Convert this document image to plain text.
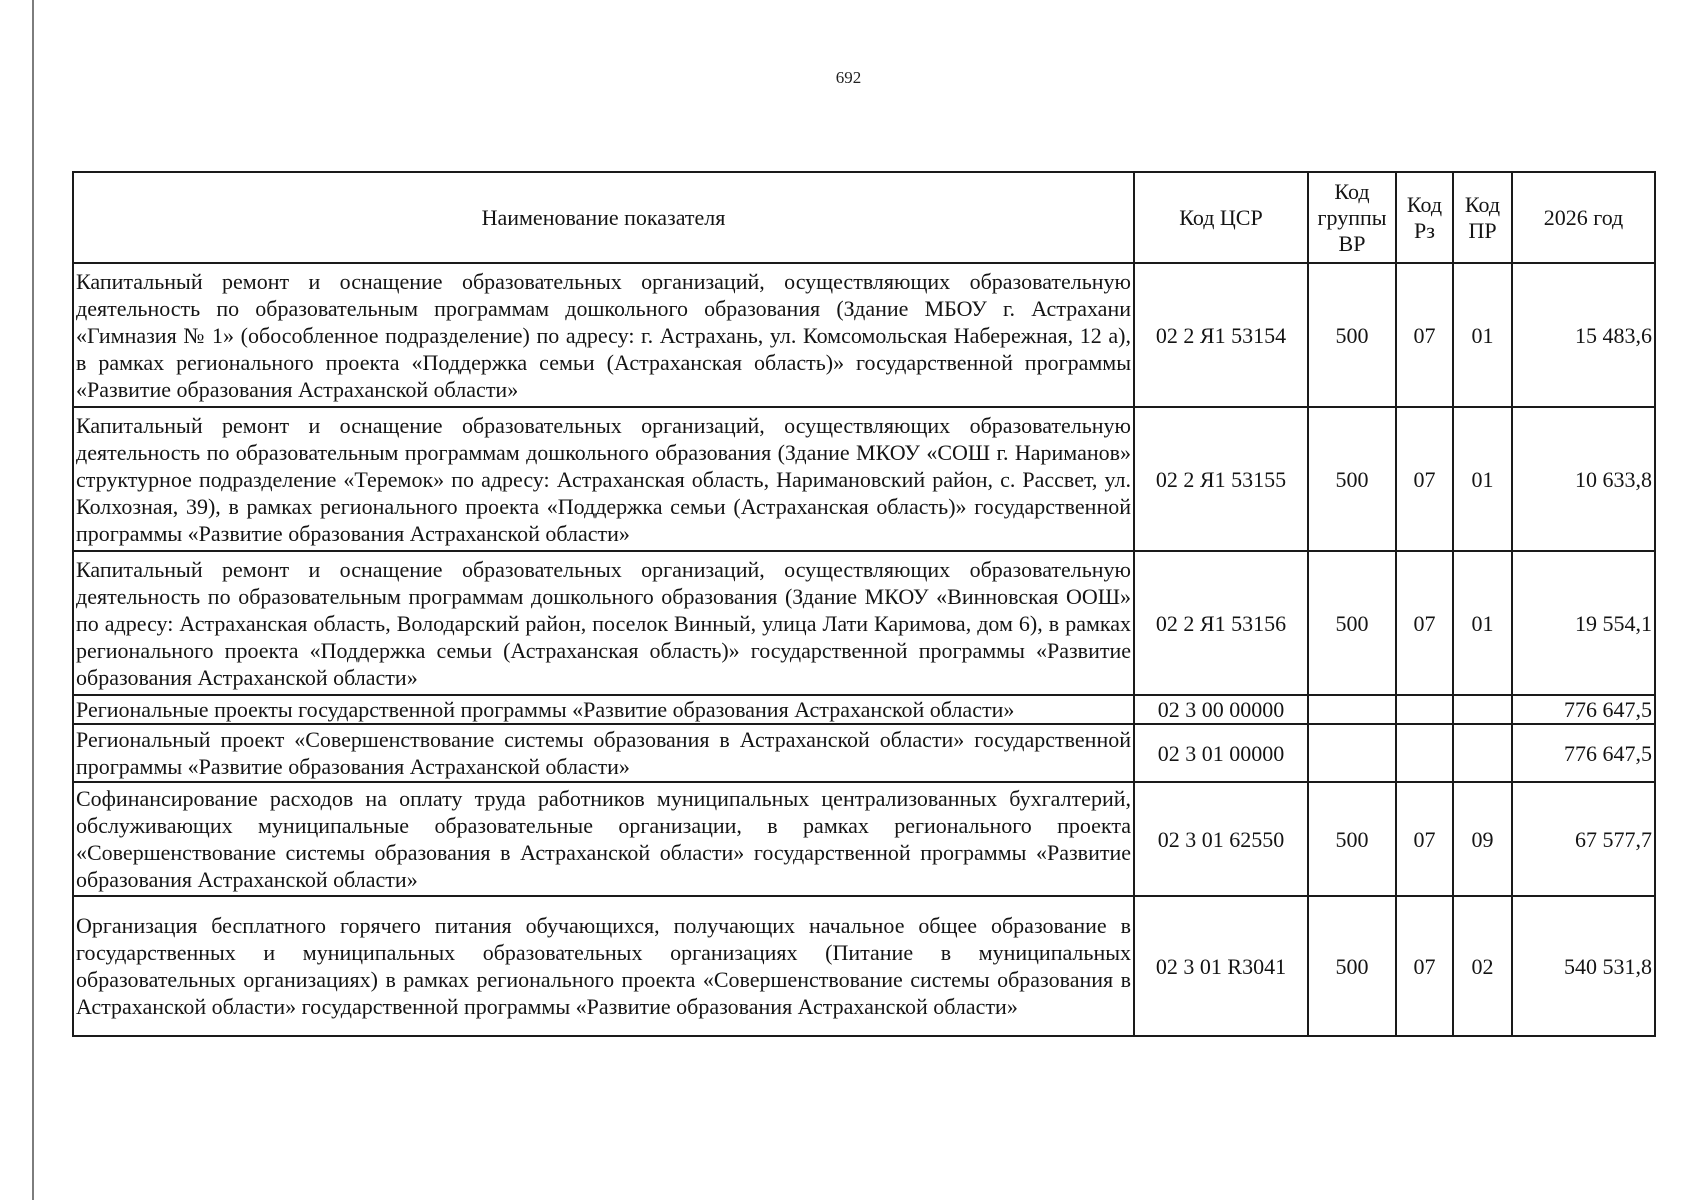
692
Наименование показателя	Код ЦСР	Код группы ВР	Код Рз	Код ПР	2026 год
Капитальный ремонт и оснащение образовательных организаций, осуществляющих образовательную деятельность по образовательным программам дошкольного образования (Здание МБОУ г. Астрахани «Гимназия № 1» (обособленное подразделение) по адресу: г. Астрахань, ул. Комсомольская Набережная, 12 а), в рамках регионального проекта «Поддержка семьи (Астраханская область)» государственной программы «Развитие образования Астраханской области»	02 2 Я1 53154	500	07	01	15 483,6
Капитальный ремонт и оснащение образовательных организаций, осуществляющих образовательную деятельность по образовательным программам дошкольного образования (Здание МКОУ «СОШ г. Нариманов» структурное подразделение «Теремок» по адресу: Астраханская область, Наримановский район, с. Рассвет, ул. Колхозная, 39), в рамках регионального проекта «Поддержка семьи (Астраханская область)» государственной программы «Развитие образования Астраханской области»	02 2 Я1 53155	500	07	01	10 633,8
Капитальный ремонт и оснащение образовательных организаций, осуществляющих образовательную деятельность по образовательным программам дошкольного образования (Здание МКОУ «Винновская ООШ» по адресу: Астраханская область, Володарский район, поселок Винный, улица Лати Каримова, дом 6), в рамках регионального проекта «Поддержка семьи (Астраханская область)» государственной программы «Развитие образования Астраханской области»	02 2 Я1 53156	500	07	01	19 554,1
Региональные проекты государственной программы «Развитие образования Астраханской области»	02 3 00 00000				776 647,5
Региональный проект «Совершенствование системы образования в Астраханской области» государственной программы «Развитие образования Астраханской области»	02 3 01 00000				776 647,5
Софинансирование расходов на оплату труда работников муниципальных централизованных бухгалтерий, обслуживающих муниципальные образовательные организации, в рамках регионального проекта «Совершенствование системы образования в Астраханской области» государственной программы «Развитие образования Астраханской области»	02 3 01 62550	500	07	09	67 577,7
Организация бесплатного горячего питания обучающихся, получающих начальное общее образование в государственных и муниципальных образовательных организациях (Питание в муниципальных образовательных организациях) в рамках регионального проекта «Совершенствование системы образования в Астраханской области» государственной программы «Развитие образования Астраханской области»	02 3 01 R3041	500	07	02	540 531,8
